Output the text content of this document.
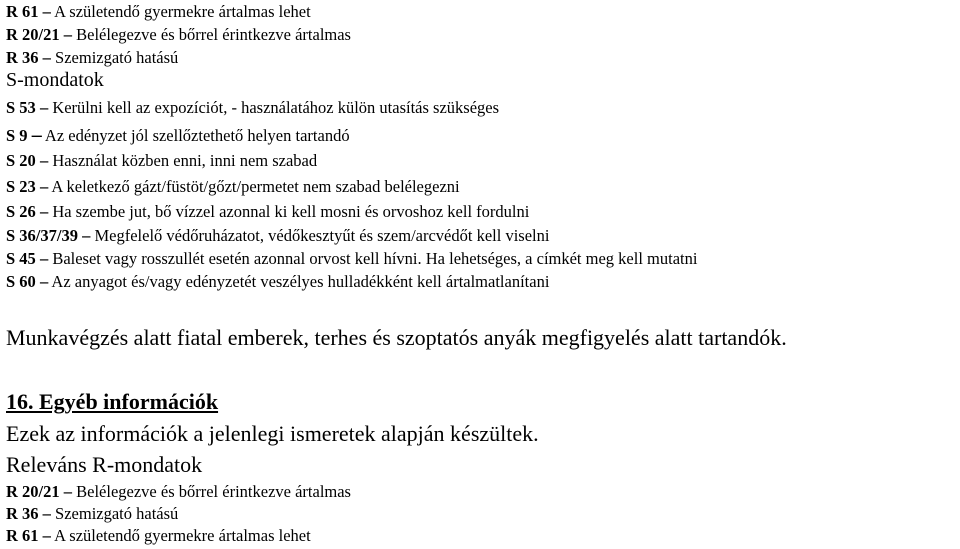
R 61 – A születendő gyermekre ártalmas lehet
R 20/21 – Belélegezve és bőrrel érintkezve ártalmas
R 36 – Szemizgató hatású
S-mondatok
S 53 – Kerülni kell az expozíciót, - használatához külön utasítás szükséges
S 9 – Az edényzet jól szellőztethető helyen tartandó
S 20 – Használat közben enni, inni nem szabad
S 23 – A keletkező gázt/füstöt/gőzt/permetet nem szabad belélegezni
S 26 – Ha szembe jut, bő vízzel azonnal ki kell mosni és orvoshoz kell fordulni
S 36/37/39 – Megfelelő védőruházatot, védőkesztyűt és szem/arcvédőt kell viselni
S 45 – Baleset vagy rosszullét esetén azonnal orvost kell hívni. Ha lehetséges, a címkét meg kell mutatni
S 60 – Az anyagot és/vagy edényzetét veszélyes hulladékként kell ártalmatlanítani
Munkavégzés alatt fiatal emberek, terhes és szoptatós anyák megfigyelés alatt tartandók.
16. Egyéb információk
Ezek az információk a jelenlegi ismeretek alapján készültek.
Releváns R-mondatok
R 20/21 – Belélegezve és bőrrel érintkezve ártalmas
R 36 – Szemizgató hatású
R 61 – A születendő gyermekre ártalmas lehet
